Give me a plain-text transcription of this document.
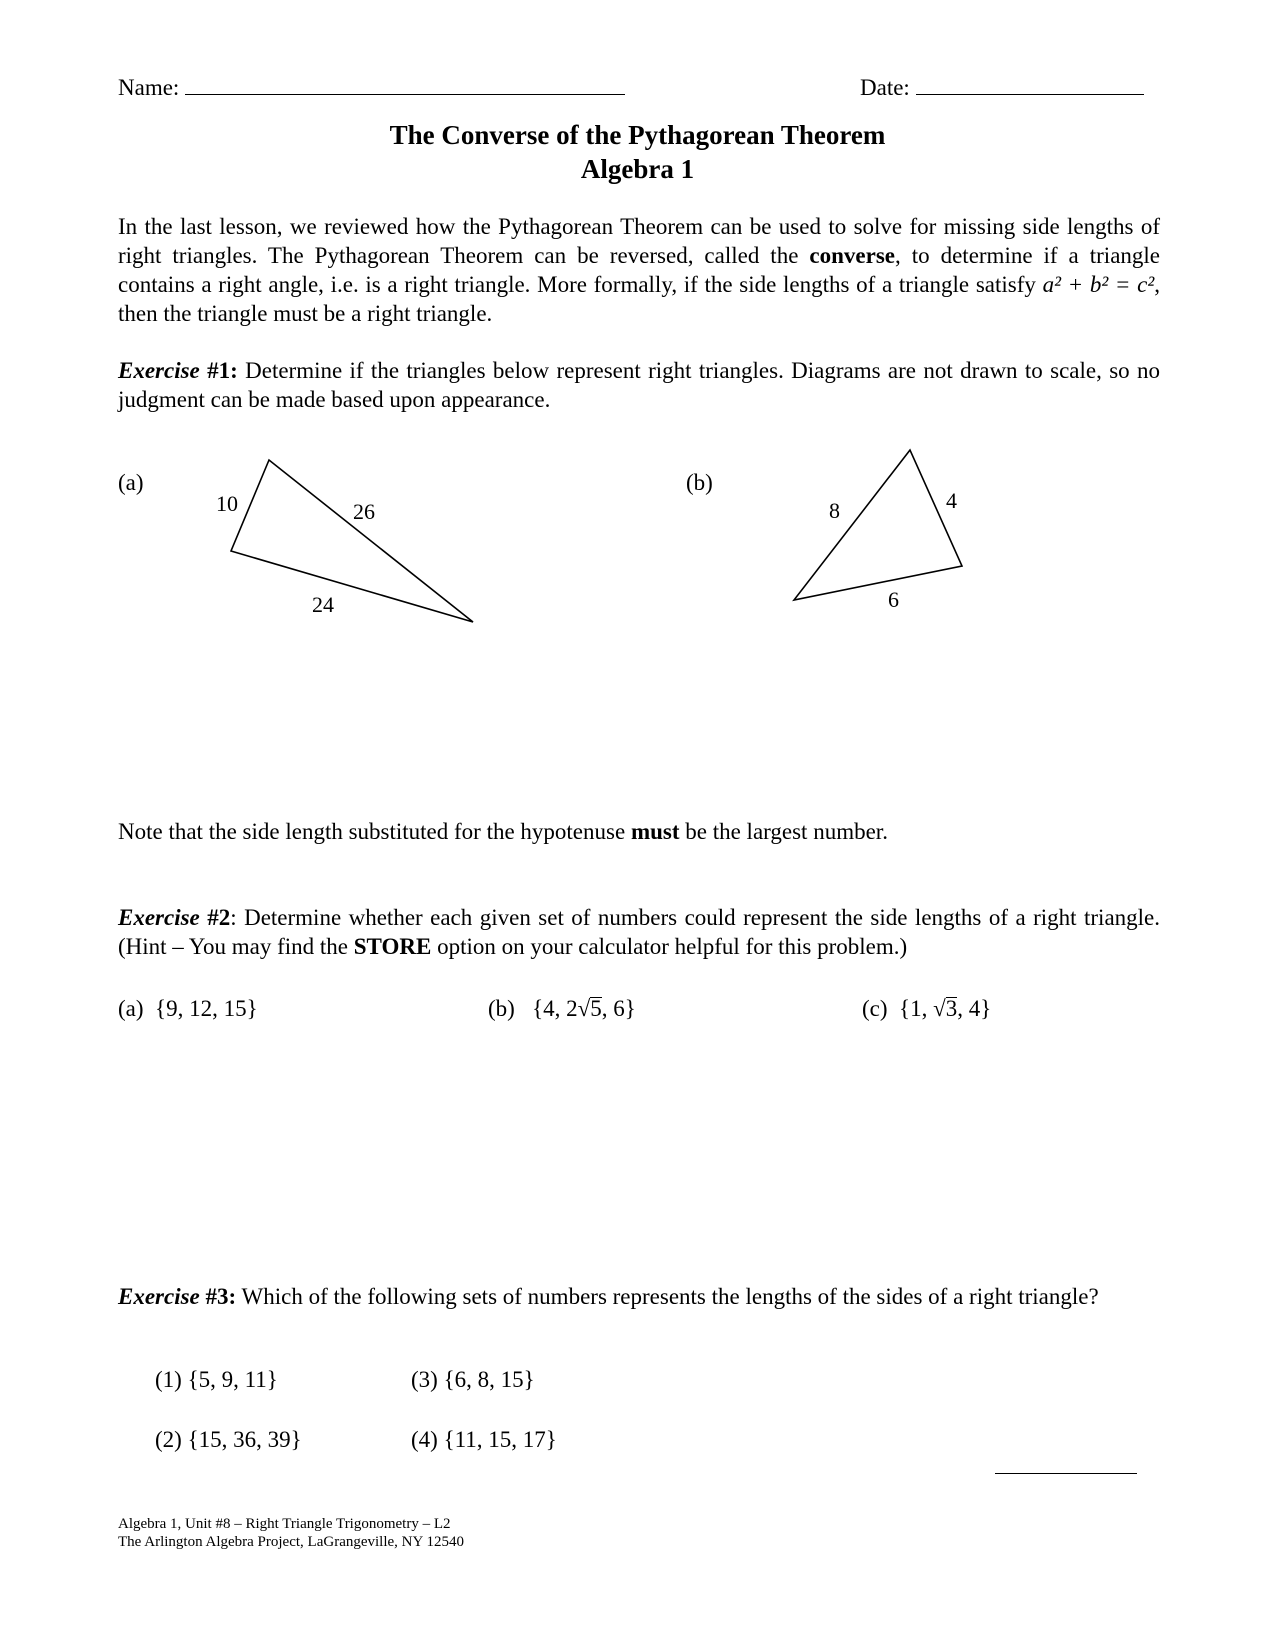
Name:	Date:
The Converse of the Pythagorean Theorem
Algebra 1
In the last lesson, we reviewed how the Pythagorean Theorem can be used to solve for missing side lengths of right triangles. The Pythagorean Theorem can be reversed, called the converse, to determine if a triangle contains a right angle, i.e. is a right triangle. More formally, if the side lengths of a triangle satisfy a² + b² = c², then the triangle must be a right triangle.
Exercise #1: Determine if the triangles below represent right triangles. Diagrams are not drawn to scale, so no judgment can be made based upon appearance.
(a)	(b)
10	26
24
8	4
6
Note that the side length substituted for the hypotenuse must be the largest number.
Exercise #2: Determine whether each given set of numbers could represent the side lengths of a right triangle. (Hint – You may find the STORE option on your calculator helpful for this problem.)
(a) {9, 12, 15}	(b) {4, 2√5, 6}	(c) {1, √3, 4}
Exercise #3: Which of the following sets of numbers represents the lengths of the sides of a right triangle?
(1) {5, 9, 11}	(3) {6, 8, 15}
(2) {15, 36, 39}	(4) {11, 15, 17}
Algebra 1, Unit #8 – Right Triangle Trigonometry – L2
The Arlington Algebra Project, LaGrangeville, NY 12540
